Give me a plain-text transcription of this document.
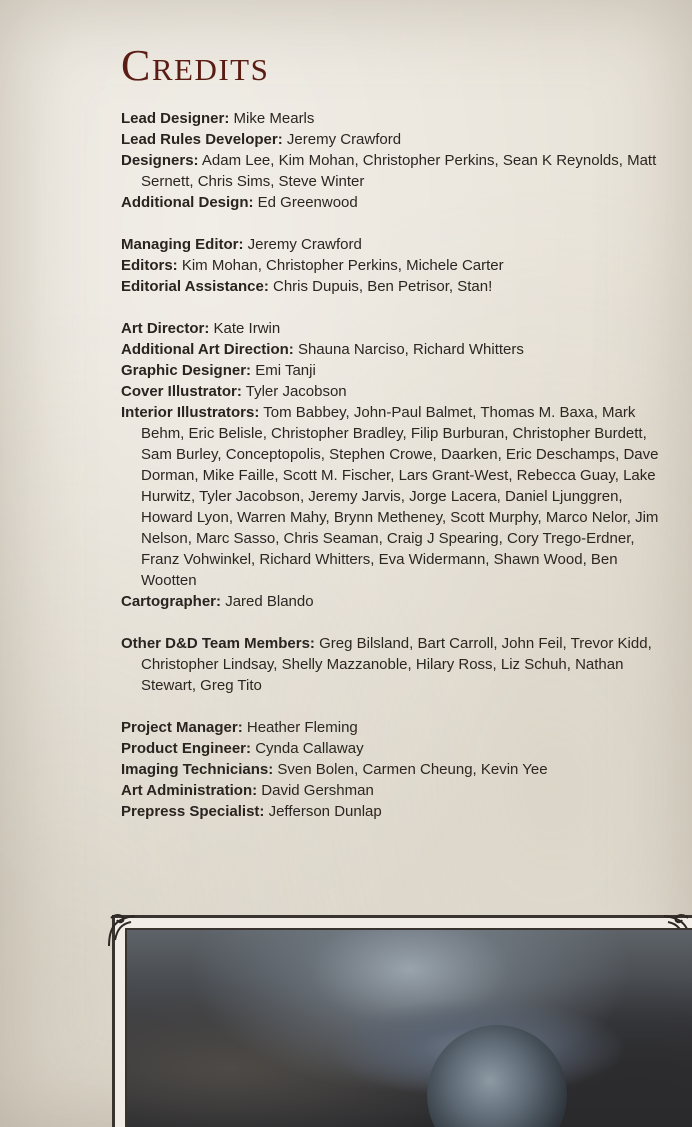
Credits
Lead Designer: Mike Mearls
Lead Rules Developer: Jeremy Crawford
Designers: Adam Lee, Kim Mohan, Christopher Perkins, Sean K Reynolds, Matt Sernett, Chris Sims, Steve Winter
Additional Design: Ed Greenwood
Managing Editor: Jeremy Crawford
Editors: Kim Mohan, Christopher Perkins, Michele Carter
Editorial Assistance: Chris Dupuis, Ben Petrisor, Stan!
Art Director: Kate Irwin
Additional Art Direction: Shauna Narciso, Richard Whitters
Graphic Designer: Emi Tanji
Cover Illustrator: Tyler Jacobson
Interior Illustrators: Tom Babbey, John-Paul Balmet, Thomas M. Baxa, Mark Behm, Eric Belisle, Christopher Bradley, Filip Burburan, Christopher Burdett, Sam Burley, Conceptopolis, Stephen Crowe, Daarken, Eric Deschamps, Dave Dorman, Mike Faille, Scott M. Fischer, Lars Grant-West, Rebecca Guay, Lake Hurwitz, Tyler Jacobson, Jeremy Jarvis, Jorge Lacera, Daniel Ljunggren, Howard Lyon, Warren Mahy, Brynn Metheney, Scott Murphy, Marco Nelor, Jim Nelson, Marc Sasso, Chris Seaman, Craig J Spearing, Cory Trego-Erdner, Franz Vohwinkel, Richard Whitters, Eva Widermann, Shawn Wood, Ben Wootten
Cartographer: Jared Blando
Other D&D Team Members: Greg Bilsland, Bart Carroll, John Feil, Trevor Kidd, Christopher Lindsay, Shelly Mazzanoble, Hilary Ross, Liz Schuh, Nathan Stewart, Greg Tito
Project Manager: Heather Fleming
Product Engineer: Cynda Callaway
Imaging Technicians: Sven Bolen, Carmen Cheung, Kevin Yee
Art Administration: David Gershman
Prepress Specialist: Jefferson Dunlap
